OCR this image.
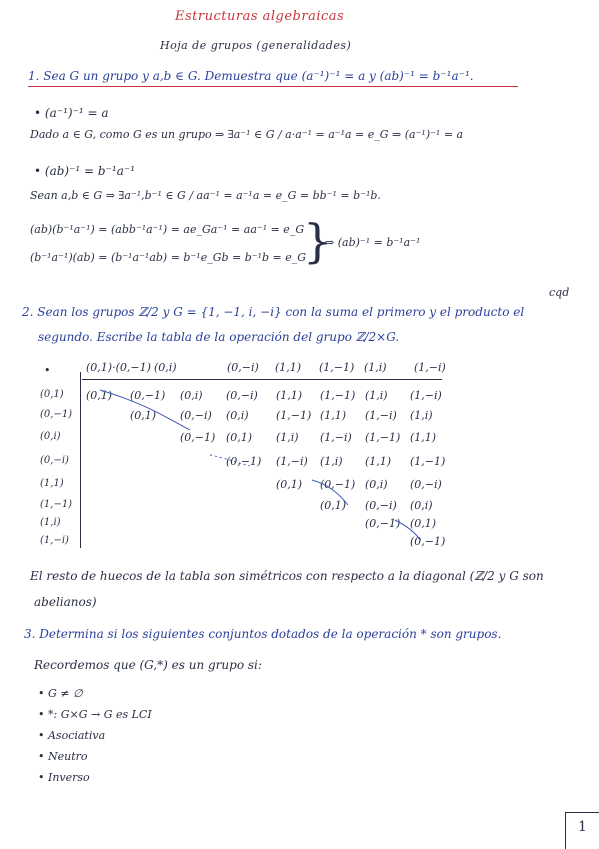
Estructuras algebraicas
Hoja de grupos (generalidades)
1. Sea G un grupo y a,b ∈ G. Demuestra que (a⁻¹)⁻¹ = a y (ab)⁻¹ = b⁻¹a⁻¹.
• (a⁻¹)⁻¹ = a
Dado a ∈ G, como G es un grupo ⇒ ∃a⁻¹ ∈ G / a·a⁻¹ = a⁻¹a = e_G ⇒ (a⁻¹)⁻¹ = a
• (ab)⁻¹ = b⁻¹a⁻¹
Sean a,b ∈ G ⇒ ∃a⁻¹,b⁻¹ ∈ G / aa⁻¹ = a⁻¹a = e_G = bb⁻¹ = b⁻¹b.
(ab)(b⁻¹a⁻¹) = (abb⁻¹a⁻¹) = ae_Ga⁻¹ = aa⁻¹ = e_G
(b⁻¹a⁻¹)(ab) = (b⁻¹a⁻¹ab) = b⁻¹e_Gb = b⁻¹b = e_G
}
⇒ (ab)⁻¹ = b⁻¹a⁻¹
cqd
2. Sean los grupos ℤ/2 y G = {1, −1, i, −i} con la suma el primero y el producto el
segundo. Escribe la tabla de la operación del grupo ℤ/2×G.
•	(0,1)·(0,−1) (0,i)	(0,−i) (1,1) (1,−1) (1,i) (1,−i)
(0,1)
(0,−1)
(0,i)
(0,−i)
(1,1)
(1,−1)
(1,i)
(1,−i)
(0,1) (0,−1) (0,i) (0,−i) (1,1) (1,−1) (1,i) (1,−i)
(0,1) (0,−i) (0,i) (1,−1) (1,1) (1,−i) (1,i)
(0,−1) (0,1) (1,i) (1,−i) (1,−1) (1,1)
(0,−1) (1,−i) (1,i) (1,1) (1,−1)
(0,1) (0,−1) (0,i) (0,−i)
(0,1) (0,−i) (0,i)
(0,−1) (0,1)
(0,−1)
El resto de huecos de la tabla son simétricos con respecto a la diagonal (ℤ/2 y G son
abelianos)
3. Determina si los siguientes conjuntos dotados de la operación * son grupos.
Recordemos que (G,*) es un grupo si:
• G ≠ ∅
• *: G×G → G es LCI
• Asociativa
• Neutro
• Inverso
1
